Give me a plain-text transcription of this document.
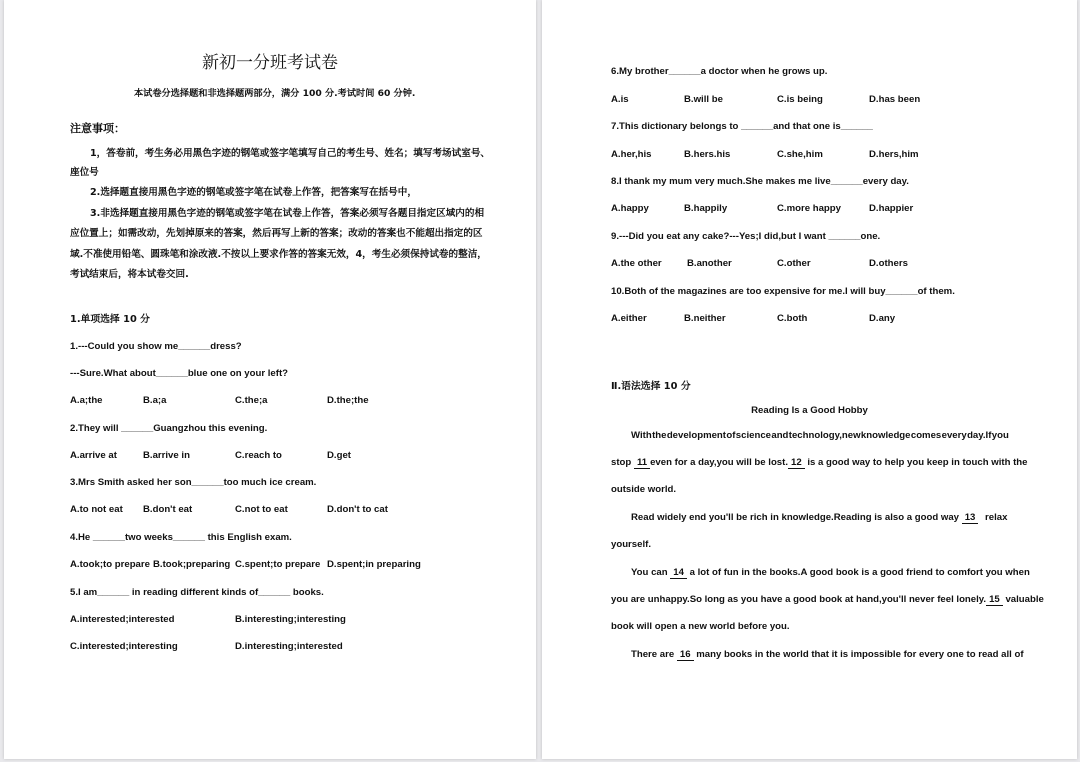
新初一分班考试卷
本试卷分选择题和非选择题两部分，满分 100 分.考试时间 60 分钟.
注意事项：
1，答卷前，考生务必用黑色字迹的钢笔或签字笔填写自己的考生号、姓名；填写考场试室号、
座位号
2.选择题直接用黑色字迹的钢笔或签字笔在试卷上作答，把答案写在括号中，
3.非选择题直接用黑色字迹的钢笔或签字笔在试卷上作答，答案必须写各题目指定区域内的相
应位置上；如需改动，先划掉原来的答案，然后再写上新的答案；改动的答案也不能超出指定的区
域.不准使用铅笔、圆珠笔和涂改液.不按以上要求作答的答案无效，4，考生必须保持试卷的整洁，
考试结束后，将本试卷交回.
1.单项选择 10 分
1.---Could you show me______dress?
---Sure.What about______blue one on your left?
A.a;the	B.a;a	C.the;a	D.the;the
2.They will ______Guangzhou this evening.
A.arrive at	B.arrive in	C.reach to	D.get
3.Mrs Smith asked her son______too much ice cream.
A.to not eat B.don't eat	C.not to eat	D.don't to cat
4.He ______two weeks______ this English exam.
A.took;to prepare B.took;preparing C.spent;to prepare D.spent;in preparing
5.I am______ in reading different kinds of______ books.
A.interested;interested	B.interesting;interesting
C.interested;interesting	D.interesting;interested
6.My brother______a doctor when he grows up.
A.is	B.will be	C.is being	D.has been
7.This dictionary belongs to ______and that one is______
A.her,his	B.hers.his	C.she,him	D.hers,him
8.I thank my mum very much.She makes me live______every day.
A.happy	B.happily	C.more happy	D.happier
9.---Did you eat any cake?---Yes;I did,but I want ______one.
A.the other	B.another	C.other	D.others
10.Both of the magazines are too expensive for me.I will buy______of them.
A.either	B.neither	C.both	D.any
Ⅱ.语法选择 10 分
Reading Is a Good Hobby
With the development of science and technology,new knowledge comes every day.If you
stop 11 even for a day,you will be lost. 12 is a good way to help you keep in touch with the
outside world.
Read widely end you'll be rich in knowledge.Reading is also a good way 13 relax
yourself.
You can 14 a lot of fun in the books.A good book is a good friend to comfort you when
you are unhappy.So long as you have a good book at hand,you'll never feel lonely. 15 valuable
book will open a new world before you.
There are 16 many books in the world that it is impossible for every one to read all of
